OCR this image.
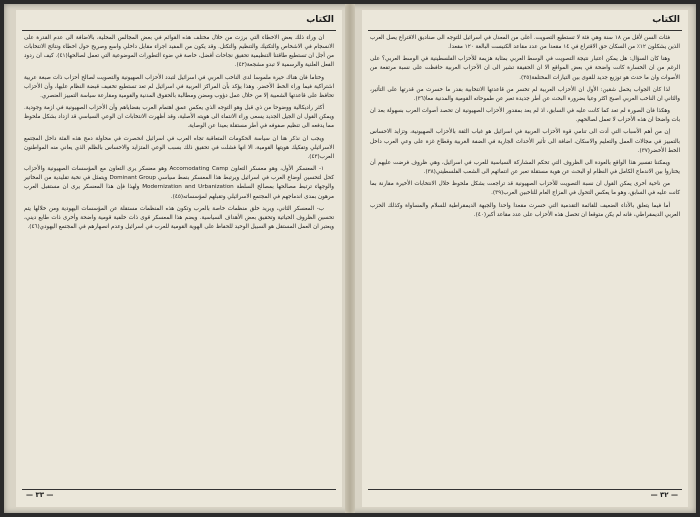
الكتاب

ان وراء ذلك بعض الاخطاء التي برزت من خلال مختلف هذه القوائم في بعض المجالس المحلية، بالاضافة الى عدم القدرة على الانسجام في الاشخاص والتكتيك والتنظيم والتكتل. وقد يكون من المفيد اجراء مقابل داخلي واسع وصريح حول اخطاء ونتائج الانتخابات من أجل ان تستطيع طاقتنا التنظيمية تحقيق نجاحات أفضل، خاصة في ضوء التطورات الموضوعية التي تعمل لصالحها(٤١). كيف ان ردود الفعل العلنية والرسمية لا تبدو مشجعة(٤٢).

وختاما فان هناك حيرة ملموسا لدى الناخب العربي في اسرائيل لتبدد الأحزاب الصهيونية والتصويت لصالح أحزاب ذات صبغة عربية اشتراكية فيما وراء الخط الأخضر. وهذا يؤكد بأن المراكز العربية في اسرائيل لم تعد تستطيع تخفيف قبضة النظام عليها، وأن الأحزاب تحافظ على قاعدتها الشعبية إلا من خلال عمل دؤوب ومضن ومطالبة بالحقوق المدنية والقومية ومقارعة سياسة التمييز العنصري.

أكثر راديكالية ووضوحا من ذي قبل وهو التوجه الذي يعكس عمق اهتمام العرب بقضاياهم وأن الأحزاب الصهيونية في ازمة وجودية. ويمكن القول ان الجيل الجديد يسعى وراء الانتماء الى هويته الأصلية، وقد أظهرت الانتخابات ان الوعي السياسي قد ازداد بشكل ملحوظ مما يدفعه الى تنظيم صفوفه في أطر مستقلة بعيدا عن الوصاية.

ويجب ان نذكر هنا ان سياسة الحكومات المتعاقبة تجاه العرب في اسرائيل انحصرت في محاولة دمج هذه الفئة داخل المجتمع الاسرائيلي وتفكيك هويتها القومية، الا انها فشلت في تحقيق ذلك بسبب الوعي المتزايد والاحساس بالظلم الذي يعاني منه المواطنون العرب(٤٣).

١- المعسكر الأول، وهو معسكر التعاون Accomodating Camp وهو معسكر يرى التعاون مع المؤسسات الصهيونية والأحزاب كحل لتحسين أوضاع العرب في اسرائيل ويرتبط هذا المعسكر بنمط سياسي Dominant Group ويتمثل في نخبة تقليدية من المخاتير والوجهاء ترتبط مصالحها بمصالح السلطة Modernization and Urbanization ولهذا فإن هذا المعسكر يرى ان مستقبل العرب مرهون بمدى اندماجهم في المجتمع الاسرائيلي وتقبلهم لمؤسساته(٤٥).

ب- المعسكر الثاني، ويريد خلق منظمات خاصة بالعرب وتكون هذه المنظمات مستقلة عن المؤسسات اليهودية ومن خلالها يتم تحسين الظروف الحياتية وتحقيق بعض الأهداف السياسية. ويضم هذا المعسكر قوى ذات خلفية قومية واضحة وأخرى ذات طابع ديني، ويعتبر ان العمل المستقل هو السبيل الوحيد للحفاظ على الهوية القومية للعرب في اسرائيل وعدم انصهارهم في المجتمع اليهودي(٤٦).

— ٣٣ —
الكتاب

فئات السن لأقل من ١٨ سنة وهي فئة لا تستطيع التصويت. أعلى من المعدل في اسرائيل للتوجه الى صناديق الاقتراع يصل العرب الذين يشكلون ١٢٪ من السكان حق الاقتراع في ١٤ مقعدا من عدد مقاعد الكنيست البالغة ١٢٠ مقعدا.

وهنا كان السؤال: هل يمكن اعتبار نتيجة التصويت في الوسط العربي بمثابة هزيمة للأحزاب الفلسطينية في الوسط العربي؟ على الرغم من ان الخسارة كانت واضحة في بعض المواقع الا ان الحقيقة تشير الى ان الأحزاب العربية حافظت على نسبة مرتفعة من الأصوات وان ما حدث هو توزيع جديد للقوى بين التيارات المختلفة(٣٥).

لذا كان الجواب يحمل شقين: الأول ان الأحزاب العربية لم تخسر من قاعدتها الانتخابية بقدر ما خسرت من قدرتها على التأثير، والثاني ان الناخب العربي اصبح اكثر وعيا بضرورة البحث عن أطر جديدة تعبر عن طموحاته القومية والمدنية معا(٣٦).

وهكذا فان الصورة لم تعد كما كانت عليه في السابق، اذ لم يعد بمقدور الأحزاب الصهيونية ان تحصد أصوات العرب بسهولة بعد ان بات واضحا ان هذه الأحزاب لا تعمل لصالحهم.

إن من أهم الأسباب التي أدت الى تنامي قوة الأحزاب العربية في اسرائيل هو غياب الثقة بالأحزاب الصهيونية، وتزايد الاحساس بالتمييز في مجالات العمل والتعليم والاسكان، اضافة الى تأثير الأحداث الجارية في الضفة الغربية وقطاع غزة على وعي العرب داخل الخط الأخضر(٣٧).

ويمكننا تفسير هذا الواقع بالعودة الى الظروف التي تحكم المشاركة السياسية للعرب في اسرائيل، وهي ظروف فرضت عليهم أن يختاروا بين الاندماج الكامل في النظام او البحث عن هوية مستقلة تعبر عن انتمائهم الى الشعب الفلسطيني(٣٨).

من ناحية أخرى يمكن القول ان نسبة التصويت للأحزاب الصهيونية قد تراجعت بشكل ملحوظ خلال الانتخابات الأخيرة مقارنة بما كانت عليه في السابق، وهو ما يعكس التحول في المزاج العام للناخبين العرب(٣٩).

أما فيما يتعلق بالأداء الضعيف للقائمة التقدمية التي خسرت مقعدا واحدا والجبهة الديمقراطية للسلام والمساواة وكذلك الحزب العربي الديمقراطي، فانه لم يكن متوقعا ان تحصل هذه الأحزاب على عدد مقاعد أكبر(٤٠).

— ٣٢ —
